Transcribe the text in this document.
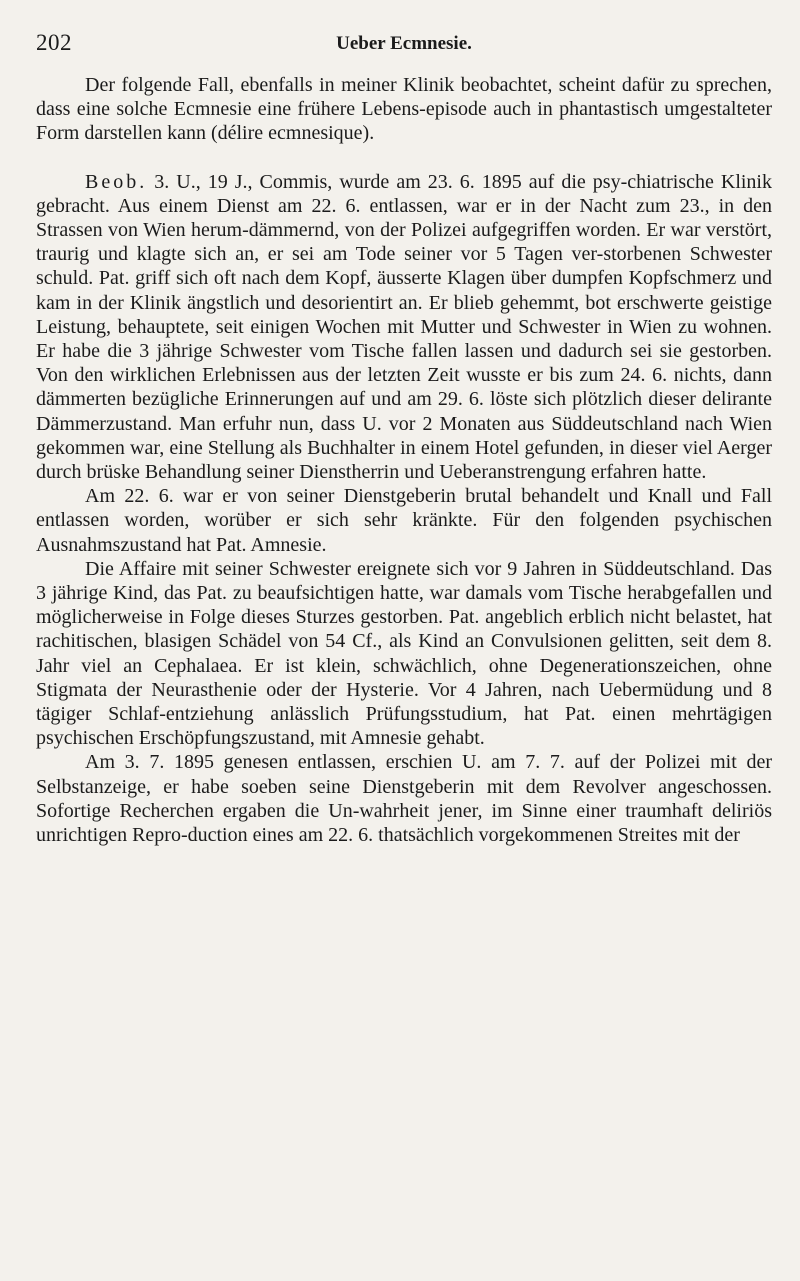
202	Ueber Ecmnesie.

Der folgende Fall, ebenfalls in meiner Klinik beobachtet, scheint dafür zu sprechen, dass eine solche Ecmnesie eine frühere Lebens-episode auch in phantastisch umgestalteter Form darstellen kann (délire ecmnesique).

Beob. 3. U., 19 J., Commis, wurde am 23. 6. 1895 auf die psy-chiatrische Klinik gebracht. Aus einem Dienst am 22. 6. entlassen, war er in der Nacht zum 23., in den Strassen von Wien herum-dämmernd, von der Polizei aufgegriffen worden. Er war verstört, traurig und klagte sich an, er sei am Tode seiner vor 5 Tagen ver-storbenen Schwester schuld. Pat. griff sich oft nach dem Kopf, äusserte Klagen über dumpfen Kopfschmerz und kam in der Klinik ängstlich und desorientirt an. Er blieb gehemmt, bot erschwerte geistige Leistung, behauptete, seit einigen Wochen mit Mutter und Schwester in Wien zu wohnen. Er habe die 3 jährige Schwester vom Tische fallen lassen und dadurch sei sie gestorben. Von den wirklichen Erlebnissen aus der letzten Zeit wusste er bis zum 24. 6. nichts, dann dämmerten bezügliche Erinnerungen auf und am 29. 6. löste sich plötzlich dieser delirante Dämmerzustand. Man erfuhr nun, dass U. vor 2 Monaten aus Süddeutschland nach Wien gekommen war, eine Stellung als Buchhalter in einem Hotel gefunden, in dieser viel Aerger durch brüske Behandlung seiner Dienstherrin und Ueberanstrengung erfahren hatte.

Am 22. 6. war er von seiner Dienstgeberin brutal behandelt und Knall und Fall entlassen worden, worüber er sich sehr kränkte. Für den folgenden psychischen Ausnahmszustand hat Pat. Amnesie.

Die Affaire mit seiner Schwester ereignete sich vor 9 Jahren in Süddeutschland. Das 3 jährige Kind, das Pat. zu beaufsichtigen hatte, war damals vom Tische herabgefallen und möglicherweise in Folge dieses Sturzes gestorben. Pat. angeblich erblich nicht belastet, hat rachitischen, blasigen Schädel von 54 Cf., als Kind an Convulsionen gelitten, seit dem 8. Jahr viel an Cephalaea. Er ist klein, schwächlich, ohne Degenerationszeichen, ohne Stigmata der Neurasthenie oder der Hysterie. Vor 4 Jahren, nach Uebermüdung und 8 tägiger Schlaf-entziehung anlässlich Prüfungsstudium, hat Pat. einen mehrtägigen psychischen Erschöpfungszustand, mit Amnesie gehabt.

Am 3. 7. 1895 genesen entlassen, erschien U. am 7. 7. auf der Polizei mit der Selbstanzeige, er habe soeben seine Dienstgeberin mit dem Revolver angeschossen. Sofortige Recherchen ergaben die Un-wahrheit jener, im Sinne einer traumhaft deliriös unrichtigen Repro-duction eines am 22. 6. thatsächlich vorgekommenen Streites mit der
